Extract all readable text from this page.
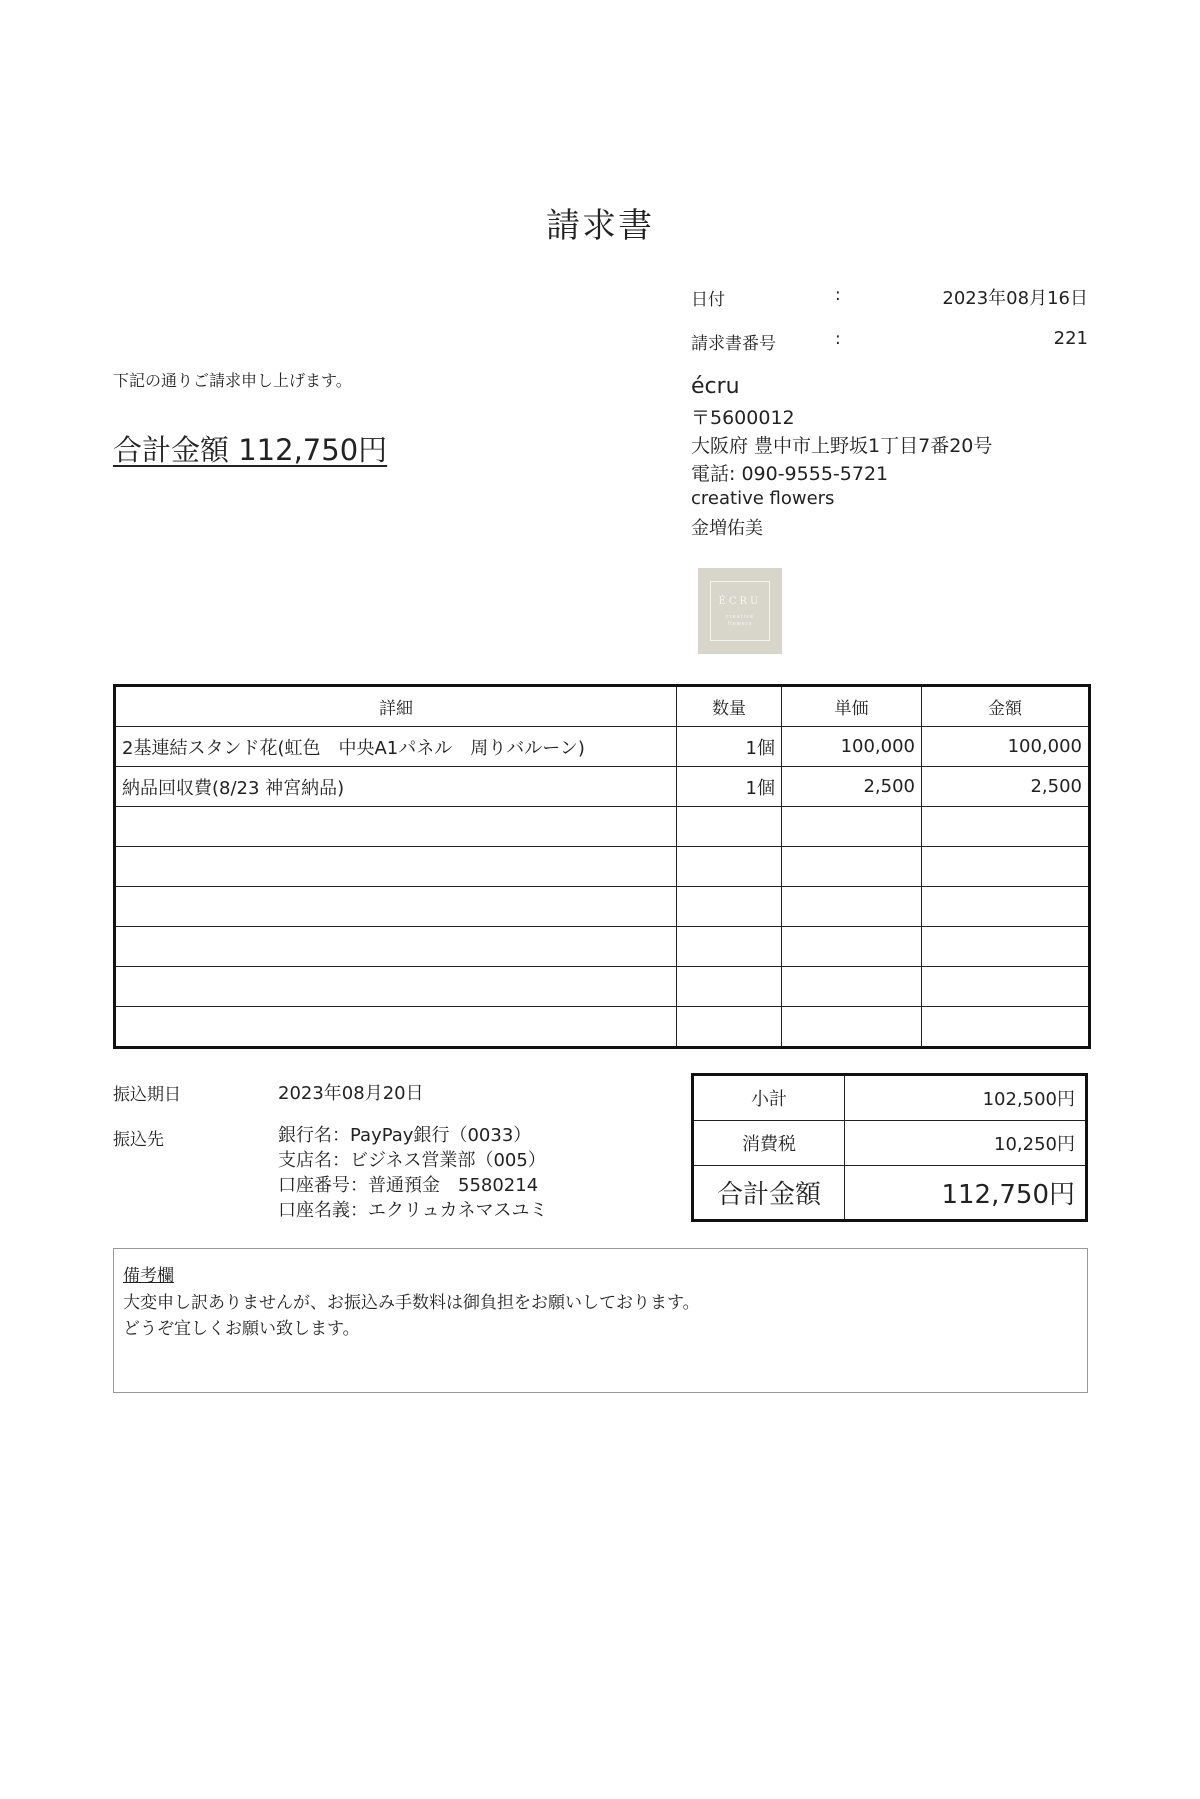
請求書
日付	:	2023年08月16日
請求書番号	:	221
下記の通りご請求申し上げます。
合計金額 112,750円
écru
〒5600012
大阪府 豊中市上野坂1丁目7番20号
電話: 090-9555-5721
creative flowers
金増佑美
ÉCRU
creative
flowers
詳細	数量	単価	金額
2基連結スタンド花(虹色　中央A1パネル　周りバルーン)	1個	100,000	100,000
納品回収費(8/23 神宮納品)	1個	2,500	2,500

振込期日	2023年08月20日
振込先	銀行名：PayPay銀行（0033）
支店名：ビジネス営業部（005）
口座番号：普通預金　5580214
口座名義：エクリュカネマスユミ
小計	102,500円
消費税	10,250円
合計金額	112,750円
備考欄
大変申し訳ありませんが、お振込み手数料は御負担をお願いしております。
どうぞ宜しくお願い致します。
